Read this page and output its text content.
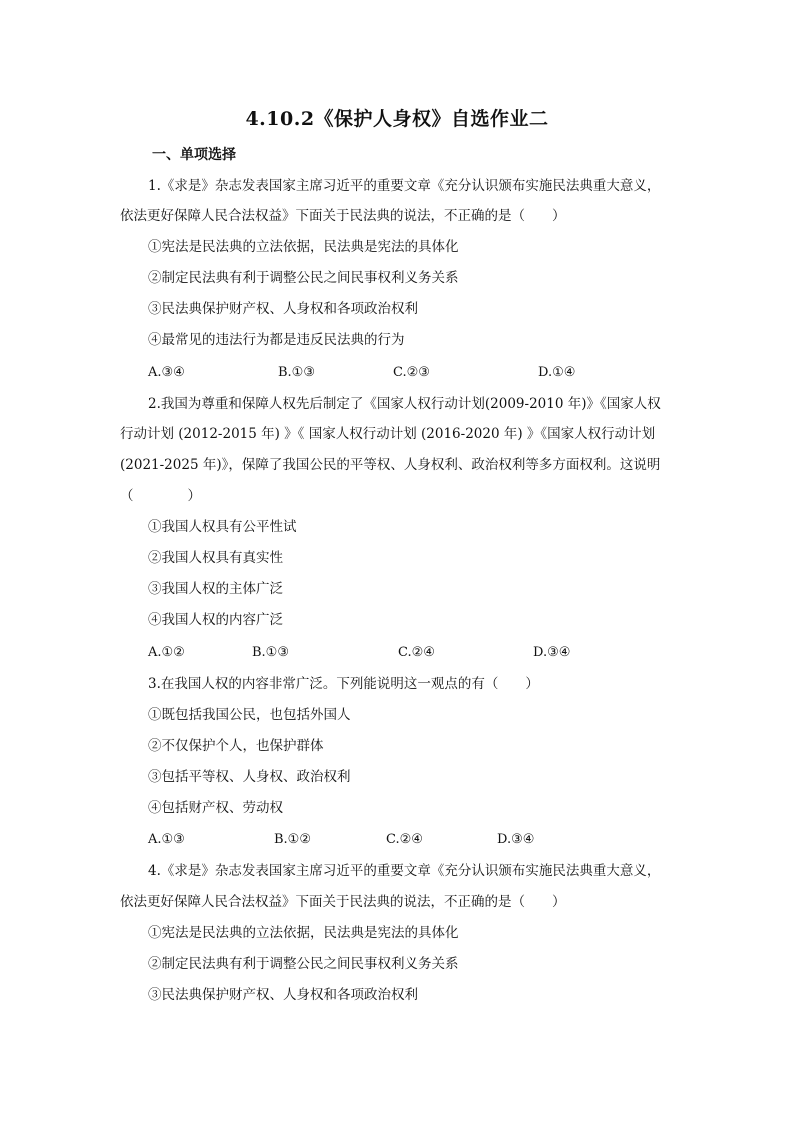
4.10.2《保护人身权》自选作业二
一、单项选择
1.《求是》杂志发表国家主席习近平的重要文章《充分认识颁布实施民法典重大意义，
依法更好保障人民合法权益》下面关于民法典的说法，不正确的是（　　）
①宪法是民法典的立法依据，民法典是宪法的具体化
②制定民法典有利于调整公民之间民事权利义务关系
③民法典保护财产权、人身权和各项政治权利
④最常见的违法行为都是违反民法典的行为
A.③④	B.①③	C.②③	D.①④
2.我国为尊重和保障人权先后制定了《国家人权行动计划(2009-2010 年)》《国家人权
行动计划 (2012-2015 年) 》《 国家人权行动计划 (2016-2020 年) 》《国家人权行动计划
(2021-2025 年)》，保障了我国公民的平等权、人身权利、政治权利等多方面权利。这说明
（　　　　）
①我国人权具有公平性试
②我国人权具有真实性
③我国人权的主体广泛
④我国人权的内容广泛
A.①②	B.①③	C.②④	D.③④
3.在我国人权的内容非常广泛。下列能说明这一观点的有（　　）
①既包括我国公民，也包括外国人
②不仅保护个人，也保护群体
③包括平等权、人身权、政治权利
④包括财产权、劳动权
A.①③	B.①②	C.②④	D.③④
4.《求是》杂志发表国家主席习近平的重要文章《充分认识颁布实施民法典重大意义，
依法更好保障人民合法权益》下面关于民法典的说法，不正确的是（　　）
①宪法是民法典的立法依据，民法典是宪法的具体化
②制定民法典有利于调整公民之间民事权利义务关系
③民法典保护财产权、人身权和各项政治权利
